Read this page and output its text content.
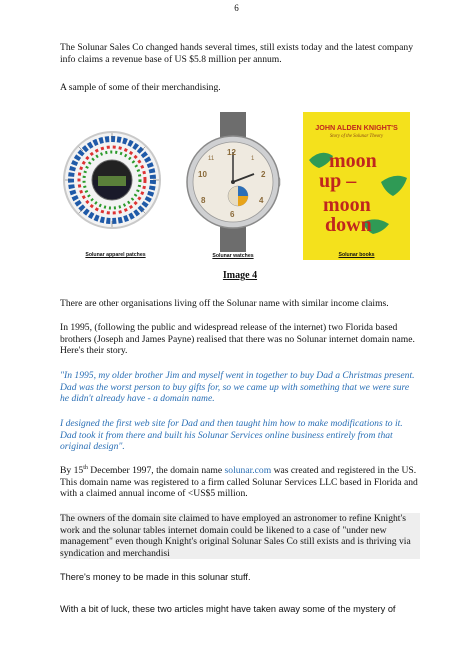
6

The Solunar Sales Co changed hands several times, still exists today and the latest company info claims a revenue base of US $5.8 million per annum.

A sample of some of their merchandising.

Solunar apparel patches
12
1
11
2
10
4
8
6
Solunar watches
JOHN ALDEN KNIGHT'S
Story of the Solunar Theory
moon
up –
moon
down
Solunar books
Image 4

There are other organisations living off the Solunar name with similar income claims.

In 1995, (following the public and widespread release of the internet) two Florida based brothers (Joseph and James Payne) realised that there was no Solunar internet domain name. Here's their story.

"In 1995, my older brother Jim and myself went in together to buy Dad a Christmas present. Dad was the worst person to buy gifts for, so we came up with something that we were sure he didn't already have - a domain name.

I designed the first web site for Dad and then taught him how to make modifications to it. Dad took it from there and built his Solunar Services online business entirely from that original design".

By 15th December 1997, the domain name solunar.com was created and registered in the US. This domain name was registered to a firm called Solunar Services LLC based in Florida and with a claimed annual income of <US$5 million.

The owners of the domain site claimed to have employed an astronomer to refine Knight's work and the solunar tables internet domain could be likened to a case of "under new management" even though Knight's original Solunar Sales Co still exists and is thriving via syndication and merchandisi

There's money to be made in this solunar stuff.

With a bit of luck, these two articles might have taken away some of the mystery of
